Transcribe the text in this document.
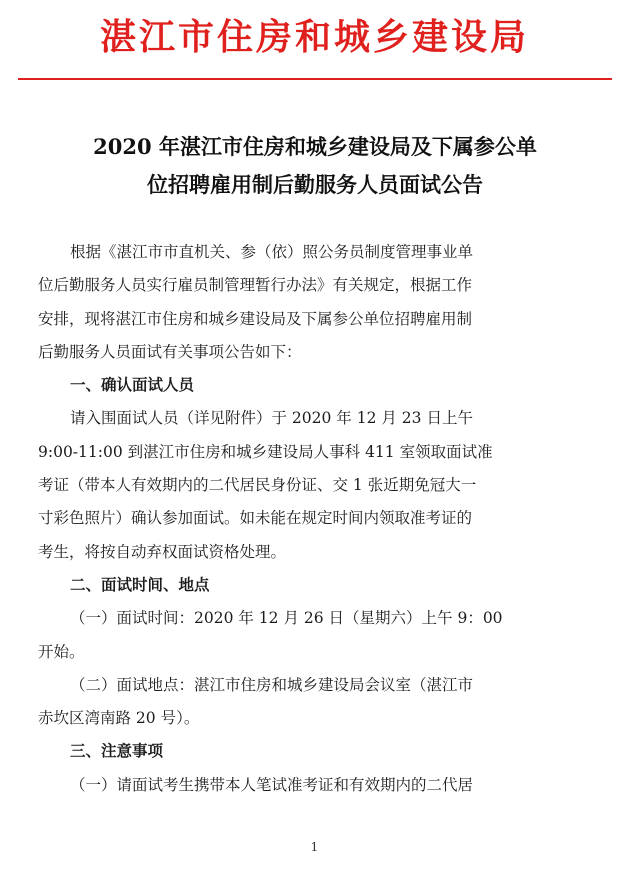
湛江市住房和城乡建设局
2020 年湛江市住房和城乡建设局及下属参公单
位招聘雇用制后勤服务人员面试公告
根据《湛江市市直机关、参（依）照公务员制度管理事业单
位后勤服务人员实行雇员制管理暂行办法》有关规定，根据工作
安排，现将湛江市住房和城乡建设局及下属参公单位招聘雇用制
后勤服务人员面试有关事项公告如下：
一、确认面试人员
请入围面试人员（详见附件）于 2020 年 12 月 23 日上午
9:00-11:00 到湛江市住房和城乡建设局人事科 411 室领取面试准
考证（带本人有效期内的二代居民身份证、交 1 张近期免冠大一
寸彩色照片）确认参加面试。如未能在规定时间内领取准考证的
考生，将按自动弃权面试资格处理。
二、面试时间、地点
（一）面试时间：2020 年 12 月 26 日（星期六）上午 9：00
开始。
（二）面试地点：湛江市住房和城乡建设局会议室（湛江市
赤坎区湾南路 20 号）。
三、注意事项
（一）请面试考生携带本人笔试准考证和有效期内的二代居
1
